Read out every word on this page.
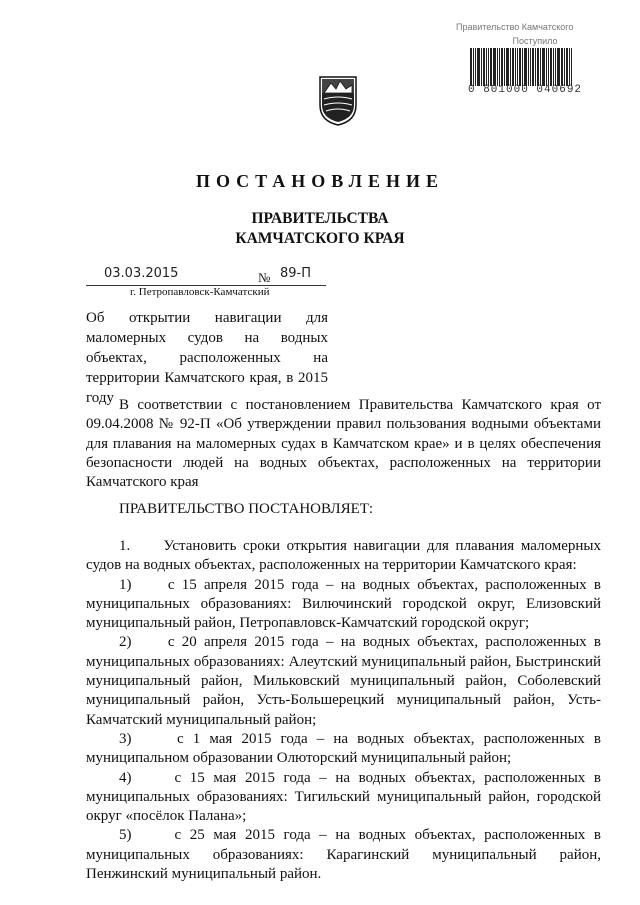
Правительство Камчатского
Поступило
0 801000 040692
ПОСТАНОВЛЕНИЕ
ПРАВИТЕЛЬСТВА
КАМЧАТСКОГО КРАЯ
03.03.2015	№ 89-П
г. Петропавловск-Камчатский
Об открытии навигации для маломерных судов на водных объектах, расположенных на территории Камчатского края, в 2015 году В соответствии с постановлением Правительства Камчатского края от 09.04.2008 № 92-П «Об утверждении правил пользования водными объектами для плавания на маломерных судах в Камчатском крае» и в целях обеспечения безопасности людей на водных объектах, расположенных на территории Камчатского края
ПРАВИТЕЛЬСТВО ПОСТАНОВЛЯЕТ:
1.     Установить сроки открытия навигации для плавания маломерных судов на водных объектах, расположенных на территории Камчатского края:
1)     с 15 апреля 2015 года – на водных объектах, расположенных в муниципальных образованиях: Вилючинский городской округ, Елизовский муниципальный район, Петропавловск-Камчатский городской округ;
2)     с 20 апреля 2015 года – на водных объектах, расположенных в муниципальных образованиях: Алеутский муниципальный район, Быстринский муниципальный район, Мильковский муниципальный район, Соболевский муниципальный район, Усть-Большерецкий муниципальный район, Усть-Камчатский муниципальный район;
3)     с 1 мая 2015 года – на водных объектах, расположенных в муниципальном образовании Олюторский муниципальный район;
4)     с 15 мая 2015 года – на водных объектах, расположенных в муниципальных образованиях: Тигильский муниципальный район, городской округ «посёлок Палана»;
5)     с 25 мая 2015 года – на водных объектах, расположенных в муниципальных образованиях: Карагинский муниципальный район, Пенжинский муниципальный район.
